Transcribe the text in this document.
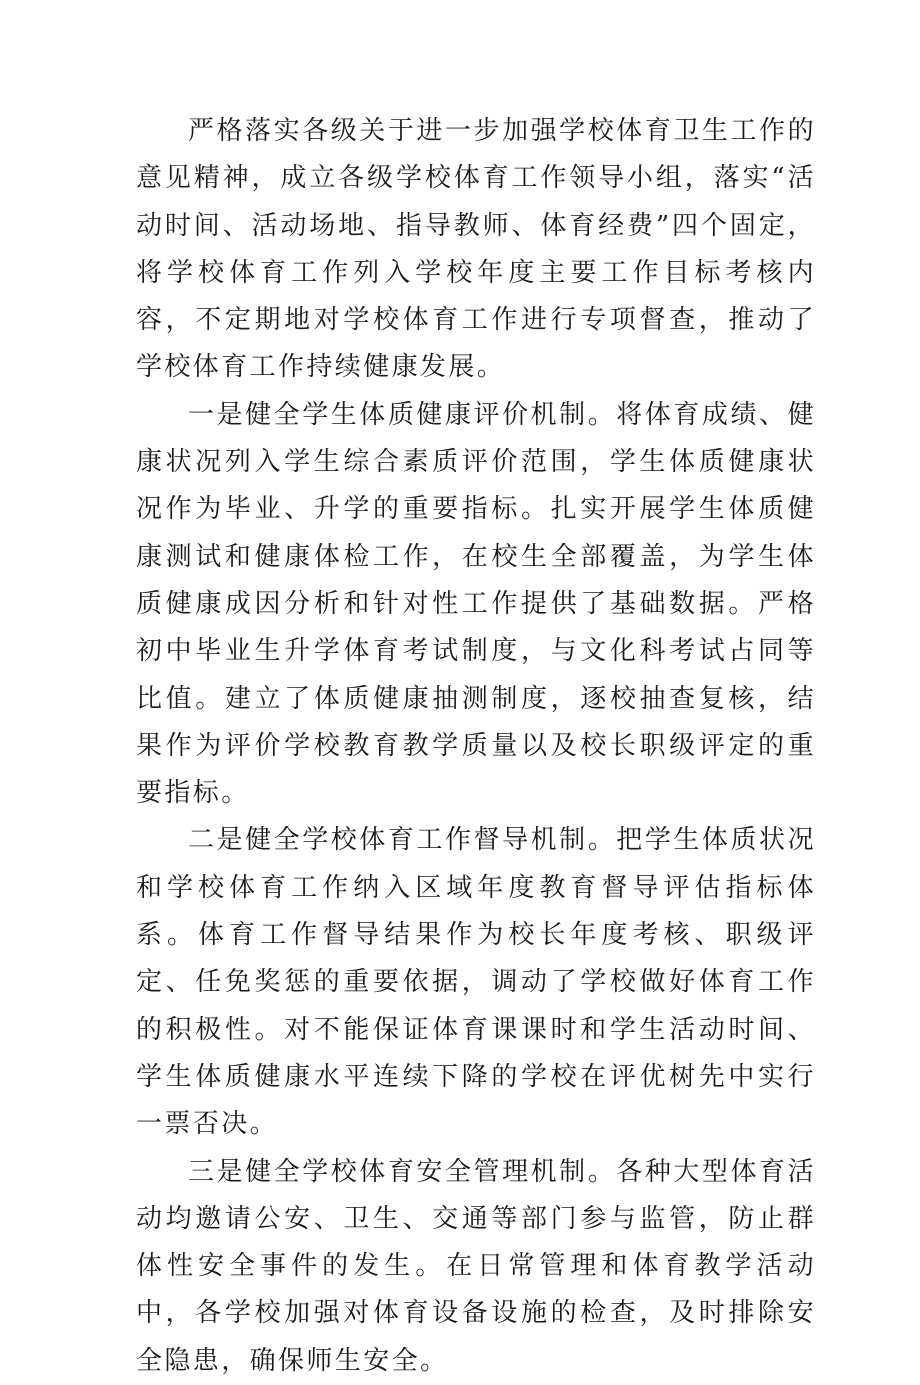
严格落实各级关于进一步加强学校体育卫生工作的意见精神，成立各级学校体育工作领导小组，落实“活动时间、活动场地、指导教师、体育经费”四个固定，将学校体育工作列入学校年度主要工作目标考核内容，不定期地对学校体育工作进行专项督查，推动了学校体育工作持续健康发展。

一是健全学生体质健康评价机制。将体育成绩、健康状况列入学生综合素质评价范围，学生体质健康状况作为毕业、升学的重要指标。扎实开展学生体质健康测试和健康体检工作，在校生全部覆盖，为学生体质健康成因分析和针对性工作提供了基础数据。严格初中毕业生升学体育考试制度，与文化科考试占同等比值。建立了体质健康抽测制度，逐校抽查复核，结果作为评价学校教育教学质量以及校长职级评定的重要指标。

二是健全学校体育工作督导机制。把学生体质状况和学校体育工作纳入区域年度教育督导评估指标体系。体育工作督导结果作为校长年度考核、职级评定、任免奖惩的重要依据，调动了学校做好体育工作的积极性。对不能保证体育课课时和学生活动时间、学生体质健康水平连续下降的学校在评优树先中实行一票否决。

三是健全学校体育安全管理机制。各种大型体育活动均邀请公安、卫生、交通等部门参与监管，防止群体性安全事件的发生。在日常管理和体育教学活动中，各学校加强对体育设备设施的检查，及时排除安全隐患，确保师生安全。
